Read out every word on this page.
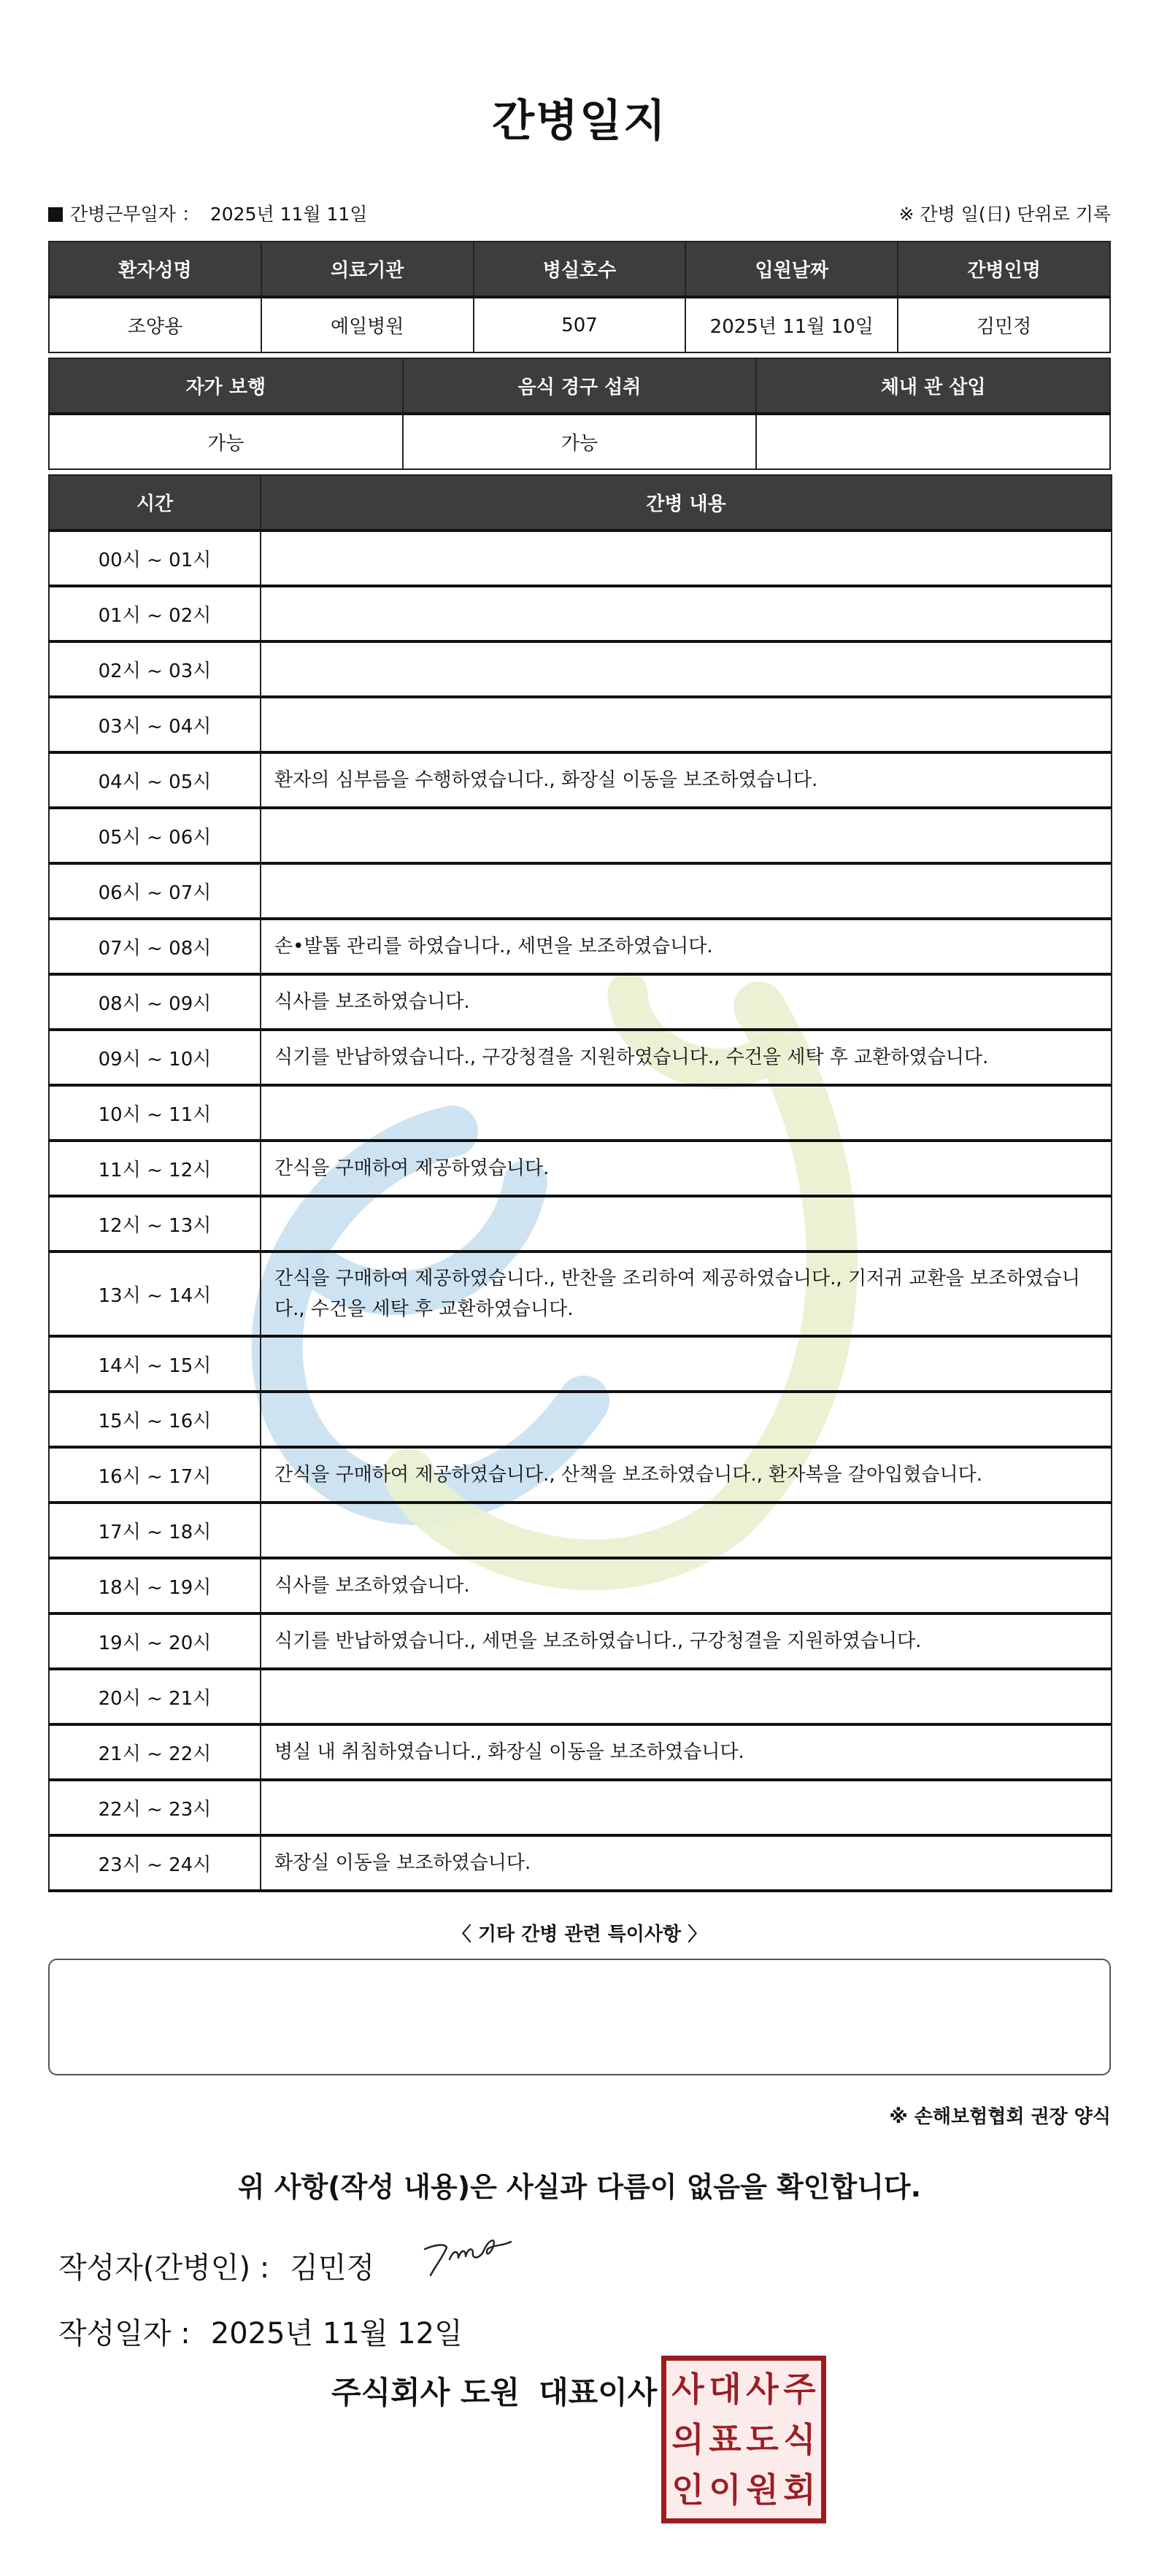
간병일지
간병근무일자 ： 2025년 11월 11일	※ 간병 일(日) 단위로 기록
환자성명	의료기관	병실호수	입원날짜	간병인명
조양용	예일병원	507	2025년 11월 10일	김민정
자가 보행	음식 경구 섭취	체내 관 삽입
가능	가능	
시간	간병 내용
00시 ~ 01시	
01시 ~ 02시	
02시 ~ 03시	
03시 ~ 04시	
04시 ~ 05시	환자의 심부름을 수행하였습니다., 화장실 이동을 보조하였습니다.
05시 ~ 06시	
06시 ~ 07시	
07시 ~ 08시	손•발톱 관리를 하였습니다., 세면을 보조하였습니다.
08시 ~ 09시	식사를 보조하였습니다.
09시 ~ 10시	식기를 반납하였습니다., 구강청결을 지원하였습니다., 수건을 세탁 후 교환하였습니다.
10시 ~ 11시	
11시 ~ 12시	간식을 구매하여 제공하였습니다.
12시 ~ 13시	
13시 ~ 14시	간식을 구매하여 제공하였습니다., 반찬을 조리하여 제공하였습니다., 기저귀 교환을 보조하였습니다., 수건을 세탁 후 교환하였습니다.
14시 ~ 15시	
15시 ~ 16시	
16시 ~ 17시	간식을 구매하여 제공하였습니다., 산책을 보조하였습니다., 환자복을 갈아입혔습니다.
17시 ~ 18시	
18시 ~ 19시	식사를 보조하였습니다.
19시 ~ 20시	식기를 반납하였습니다., 세면을 보조하였습니다., 구강청결을 지원하였습니다.
20시 ~ 21시	
21시 ~ 22시	병실 내 취침하였습니다., 화장실 이동을 보조하였습니다.
22시 ~ 23시	
23시 ~ 24시	화장실 이동을 보조하였습니다.
〈 기타 간병 관련 특이사항 〉
※ 손해보험협회 권장 양식
위 사항(작성 내용)은 사실과 다름이 없음을 확인합니다.
작성자(간병인) : 김민정
작성일자 : 2025년 11월 12일
주식회사 도원 대표이사 사 대 사 주
의 표 도 식
인 이 원 회
